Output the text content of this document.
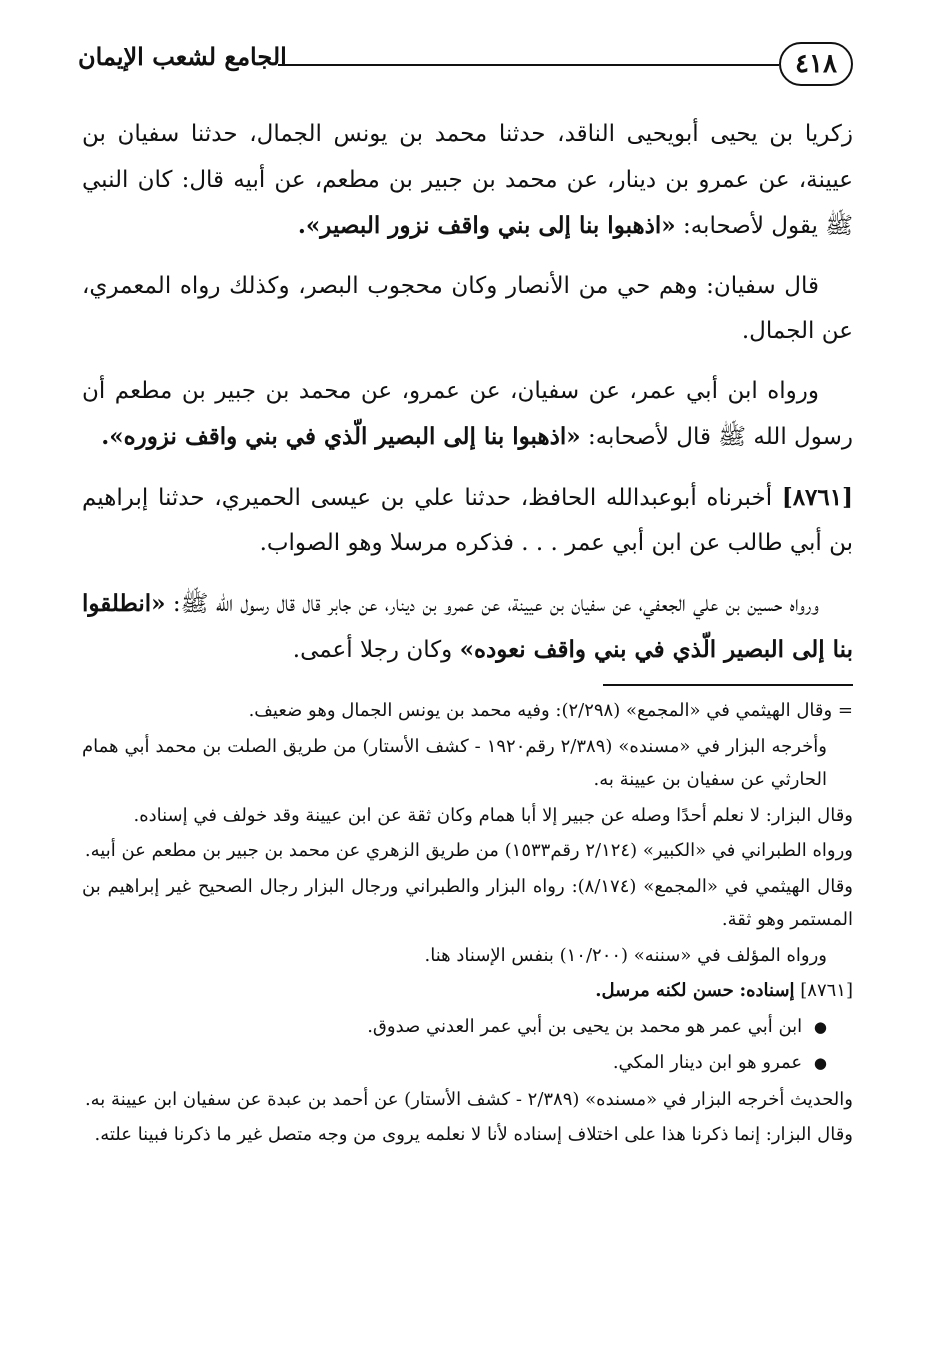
٤١٨
الجامع لشعب الإيمان

زكريا بن يحيى أبويحيى الناقد، حدثنا محمد بن يونس الجمال، حدثنا سفيان بن عيينة، عن عمرو بن دينار، عن محمد بن جبير بن مطعم، عن أبيه قال: كان النبي ﷺ يقول لأصحابه: «اذهبوا بنا إلى بني واقف نزور البصير».

قال سفيان: وهم حي من الأنصار وكان محجوب البصر، وكذلك رواه المعمري، عن الجمال.

ورواه ابن أبي عمر، عن سفيان، عن عمرو، عن محمد بن جبير بن مطعم أن رسول الله ﷺ قال لأصحابه: «اذهبوا بنا إلى البصير الّذي في بني واقف نزوره».

[٨٧٦١] أخبرناه أبوعبدالله الحافظ، حدثنا علي بن عيسى الحميري، حدثنا إبراهيم بن أبي طالب عن ابن أبي عمر . . . فذكره مرسلا وهو الصواب.

ورواه حسين بن علي الجعفي، عن سفيان بن عيينة، عن عمرو بن دينار، عن جابر قال قال رسول الله ﷺ: «انطلقوا بنا إلى البصير الّذي في بني واقف نعوده» وكان رجلا أعمى.

= وقال الهيثمي في «المجمع» (٢/٢٩٨): وفيه محمد بن يونس الجمال وهو ضعيف.

وأخرجه البزار في «مسنده» (٢/٣٨٩ رقم١٩٢٠ - كشف الأستار) من طريق الصلت بن محمد أبي همام الحارثي عن سفيان بن عيينة به.

وقال البزار: لا نعلم أحدًا وصله عن جبير إلا أبا همام وكان ثقة عن ابن عيينة وقد خولف في إسناده.

ورواه الطبراني في «الكبير» (٢/١٢٤ رقم١٥٣٣) من طريق الزهري عن محمد بن جبير بن مطعم عن أبيه.

وقال الهيثمي في «المجمع» (٨/١٧٤): رواه البزار والطبراني ورجال البزار رجال الصحيح غير إبراهيم بن المستمر وهو ثقة.

ورواه المؤلف في «سننه» (١٠/٢٠٠) بنفس الإسناد هنا.

[٨٧٦١] إسناده: حسن لكنه مرسل.

● ابن أبي عمر هو محمد بن يحيى بن أبي عمر العدني صدوق.

● عمرو هو ابن دينار المكي.

والحديث أخرجه البزار في «مسنده» (٢/٣٨٩ - كشف الأستار) عن أحمد بن عبدة عن سفيان ابن عيينة به.

وقال البزار: إنما ذكرنا هذا على اختلاف إسناده لأنا لا نعلمه يروى من وجه متصل غير ما ذكرنا فبينا علته.
